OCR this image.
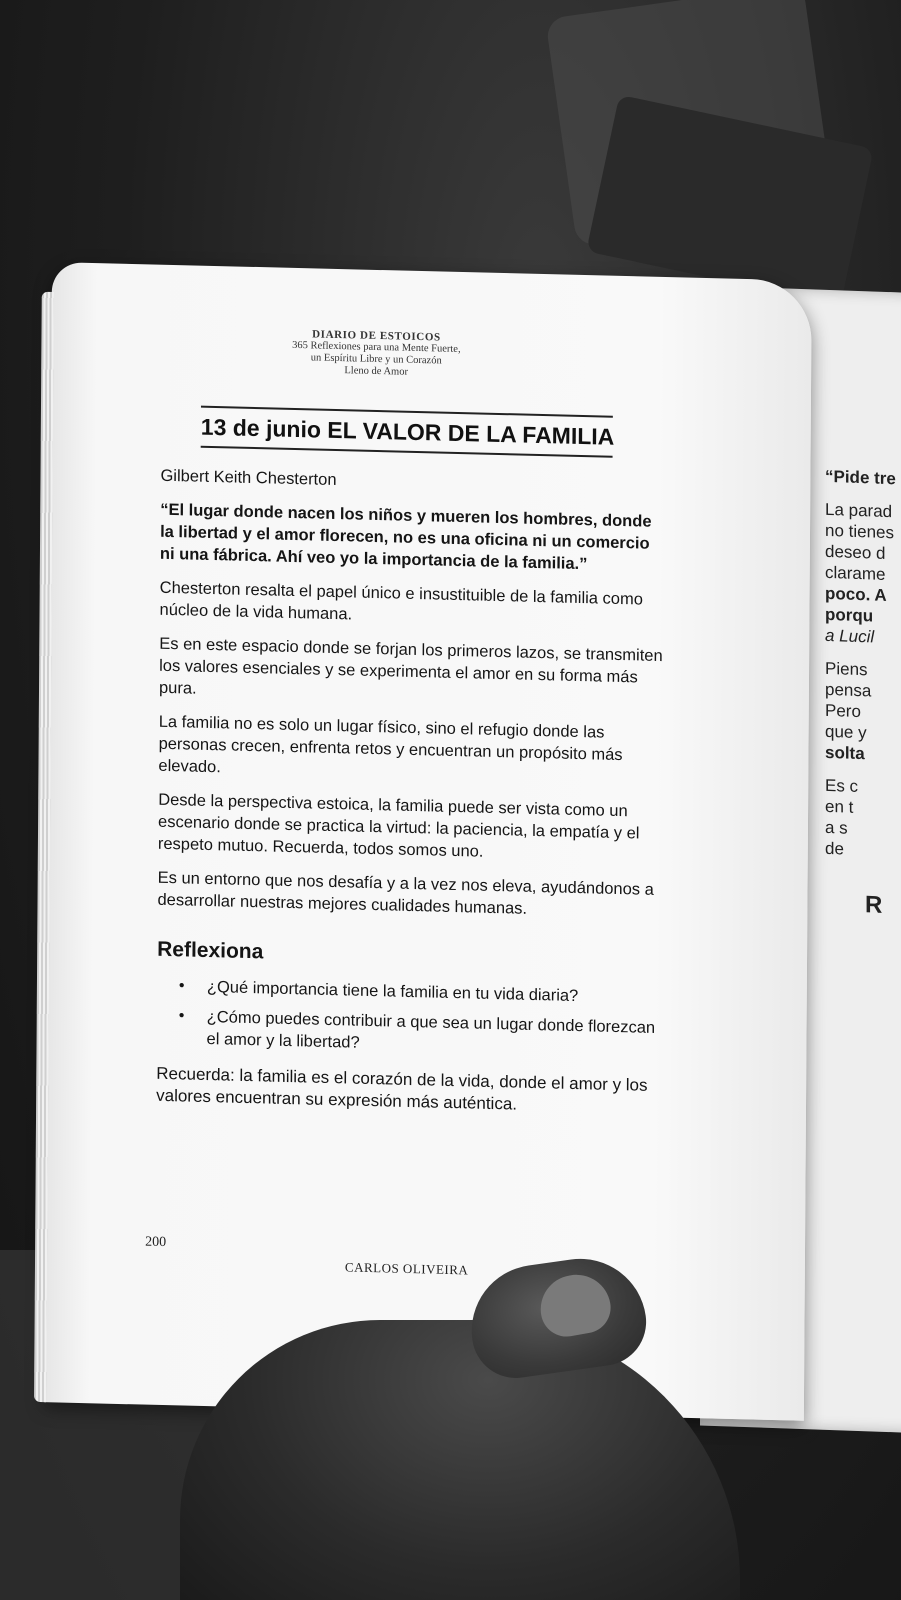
“Pide tre
La parad
no tienes
deseo d
clarame
poco. A
porqu
a Lucil
Piens
pensa
Pero
que y
solta
Es c
en t
a s
de
R
DIARIO DE ESTOICOS
365 Reflexiones para una Mente Fuerte,
un Espíritu Libre y un Corazón
Lleno de Amor
13 de junio EL VALOR DE LA FAMILIA

Gilbert Keith Chesterton

“El lugar donde nacen los niños y mueren los hombres, donde la libertad y el amor florecen, no es una oficina ni un comercio ni una fábrica. Ahí veo yo la importancia de la familia.”

Chesterton resalta el papel único e insustituible de la familia como núcleo de la vida humana.

Es en este espacio donde se forjan los primeros lazos, se transmiten los valores esenciales y se experimenta el amor en su forma más pura.

La familia no es solo un lugar físico, sino el refugio donde las personas crecen, enfrenta retos y encuentran un propósito más elevado.

Desde la perspectiva estoica, la familia puede ser vista como un escenario donde se practica la virtud: la paciencia, la empatía y el respeto mutuo. Recuerda, todos somos uno.

Es un entorno que nos desafía y a la vez nos eleva, ayudándonos a desarrollar nuestras mejores cualidades humanas.

Reflexiona
• ¿Qué importancia tiene la familia en tu vida diaria?
• ¿Cómo puedes contribuir a que sea un lugar donde florezcan el amor y la libertad?

Recuerda: la familia es el corazón de la vida, donde el amor y los valores encuentran su expresión más auténtica.

200
CARLOS OLIVEIRA
